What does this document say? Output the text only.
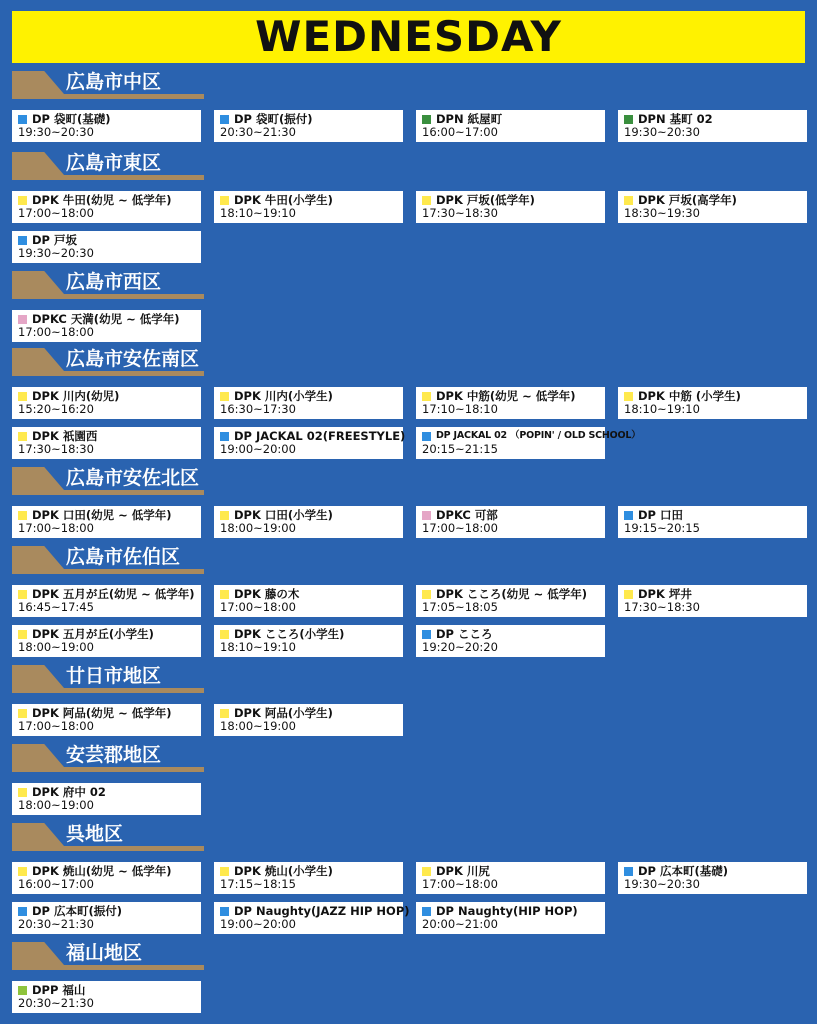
WEDNESDAY
広島市中区
DP 袋町(基礎)
19:30~20:30
DP 袋町(振付)
20:30~21:30
DPN 紙屋町
16:00~17:00
DPN 基町 02
19:30~20:30
広島市東区
DPK 牛田(幼児 ~ 低学年)
17:00~18:00
DPK 牛田(小学生)
18:10~19:10
DPK 戸坂(低学年)
17:30~18:30
DPK 戸坂(高学年)
18:30~19:30
DP 戸坂
19:30~20:30
広島市西区
DPKC 天満(幼児 ~ 低学年)
17:00~18:00
広島市安佐南区
DPK 川内(幼児)
15:20~16:20
DPK 川内(小学生)
16:30~17:30
DPK 中筋(幼児 ~ 低学年)
17:10~18:10
DPK 中筋 (小学生)
18:10~19:10
DPK 祇園西
17:30~18:30
DP JACKAL 02(FREESTYLE)
19:00~20:00
DP JACKAL 02 （POPIN' / OLD SCHOOL）
20:15~21:15
広島市安佐北区
DPK 口田(幼児 ~ 低学年)
17:00~18:00
DPK 口田(小学生)
18:00~19:00
DPKC 可部
17:00~18:00
DP 口田
19:15~20:15
広島市佐伯区
DPK 五月が丘(幼児 ~ 低学年)
16:45~17:45
DPK 藤の木
17:00~18:00
DPK こころ(幼児 ~ 低学年)
17:05~18:05
DPK 坪井
17:30~18:30
DPK 五月が丘(小学生)
18:00~19:00
DPK こころ(小学生)
18:10~19:10
DP こころ
19:20~20:20
廿日市地区
DPK 阿品(幼児 ~ 低学年)
17:00~18:00
DPK 阿品(小学生)
18:00~19:00
安芸郡地区
DPK 府中 02
18:00~19:00
呉地区
DPK 焼山(幼児 ~ 低学年)
16:00~17:00
DPK 焼山(小学生)
17:15~18:15
DPK 川尻
17:00~18:00
DP 広本町(基礎)
19:30~20:30
DP 広本町(振付)
20:30~21:30
DP Naughty(JAZZ HIP HOP)
19:00~20:00
DP Naughty(HIP HOP)
20:00~21:00
福山地区
DPP 福山
20:30~21:30
